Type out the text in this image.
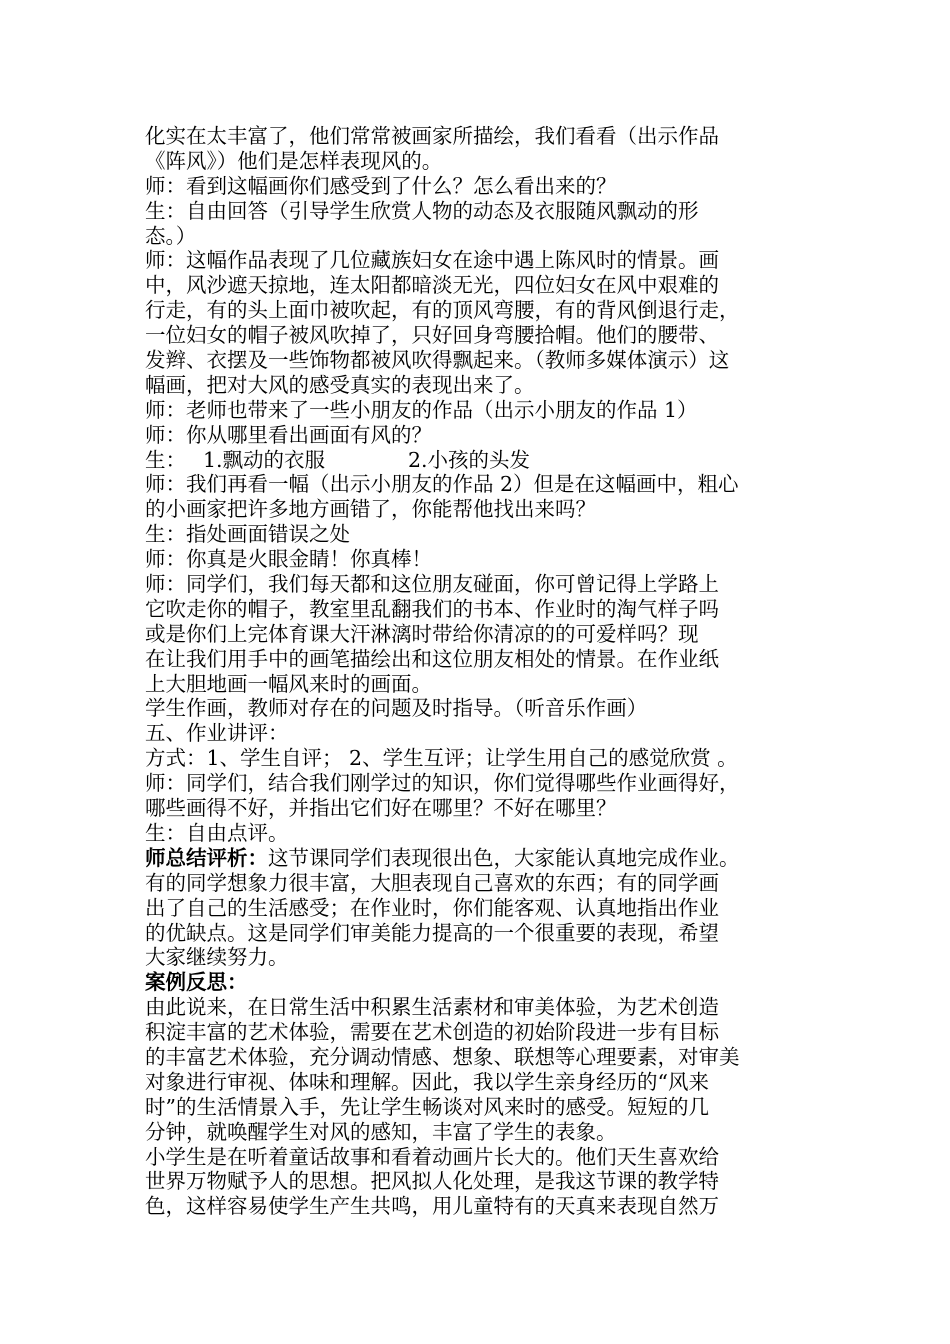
化实在太丰富了，他们常常被画家所描绘，我们看看（出示作品
《阵风》）他们是怎样表现风的。
师：看到这幅画你们感受到了什么？怎么看出来的？
生：自由回答（引导学生欣赏人物的动态及衣服随风飘动的形
态。）
师：这幅作品表现了几位藏族妇女在途中遇上陈风时的情景。画
中，风沙遮天掠地，连太阳都暗淡无光，四位妇女在风中艰难的
行走，有的头上面巾被吹起，有的顶风弯腰，有的背风倒退行走，
一位妇女的帽子被风吹掉了，只好回身弯腰拾帽。他们的腰带、
发辫、衣摆及一些饰物都被风吹得飘起来。（教师多媒体演示）这
幅画，把对大风的感受真实的表现出来了。
师：老师也带来了一些小朋友的作品（出示小朋友的作品 1）
师：你从哪里看出画面有风的？
生： 1.飘动的衣服	2.小孩的头发
师：我们再看一幅（出示小朋友的作品 2）但是在这幅画中，粗心
的小画家把许多地方画错了，你能帮他找出来吗？
生：指处画面错误之处
师：你真是火眼金睛！你真棒！
师：同学们，我们每天都和这位朋友碰面，你可曾记得上学路上
它吹走你的帽子，教室里乱翻我们的书本、作业时的淘气样子吗
或是你们上完体育课大汗淋漓时带给你清凉的的可爱样吗？现
在让我们用手中的画笔描绘出和这位朋友相处的情景。在作业纸
上大胆地画一幅风来时的画面。
学生作画，教师对存在的问题及时指导。（听音乐作画）
五、作业讲评：
方式：1、学生自评； 2、学生互评；让学生用自己的感觉欣赏 。
师：同学们，结合我们刚学过的知识，你们觉得哪些作业画得好，
哪些画得不好，并指出它们好在哪里？不好在哪里？
生：自由点评。
师总结评析：这节课同学们表现很出色，大家能认真地完成作业。
有的同学想象力很丰富，大胆表现自己喜欢的东西；有的同学画
出了自己的生活感受；在作业时，你们能客观、认真地指出作业
的优缺点。这是同学们审美能力提高的一个很重要的表现，希望
大家继续努力。
案例反思：
由此说来，在日常生活中积累生活素材和审美体验，为艺术创造
积淀丰富的艺术体验，需要在艺术创造的初始阶段进一步有目标
的丰富艺术体验，充分调动情感、想象、联想等心理要素，对审美
对象进行审视、体味和理解。因此，我以学生亲身经历的“风来
时”的生活情景入手，先让学生畅谈对风来时的感受。短短的几
分钟，就唤醒学生对风的感知，丰富了学生的表象。
小学生是在听着童话故事和看着动画片长大的。他们天生喜欢给
世界万物赋予人的思想。把风拟人化处理，是我这节课的教学特
色，这样容易使学生产生共鸣，用儿童特有的天真来表现自然万
